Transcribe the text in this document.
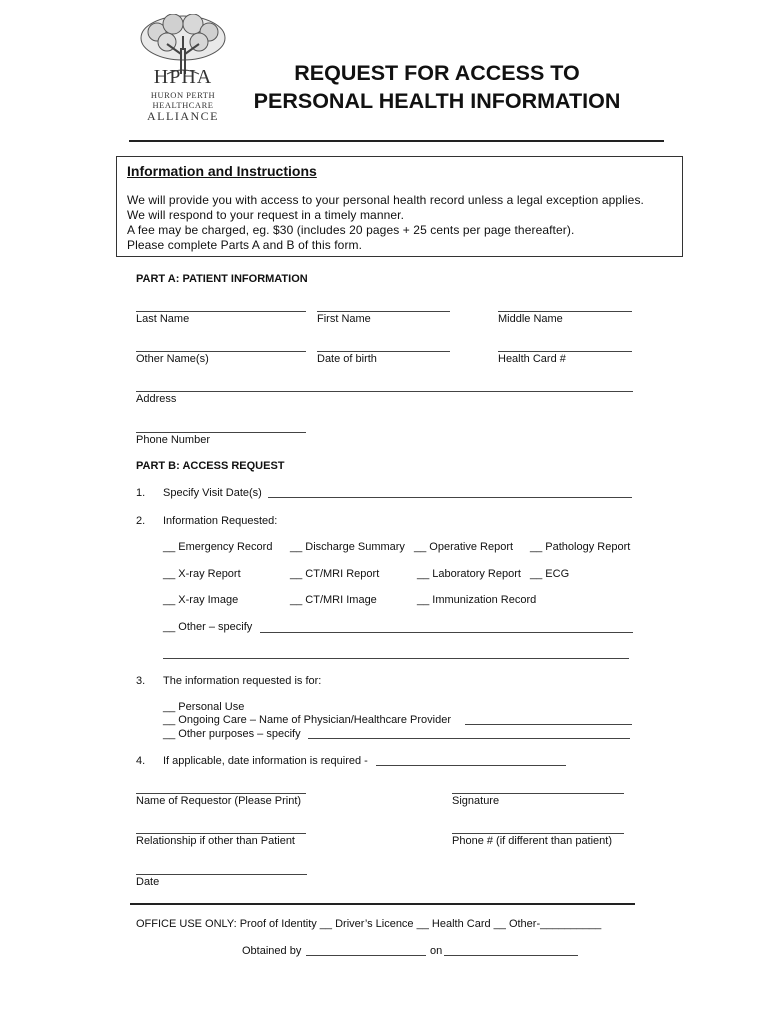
HPHA
HURON PERTH
HEALTHCARE
ALLIANCE
REQUEST FOR ACCESS TO
PERSONAL HEALTH INFORMATION
Information and Instructions
We will provide you with access to your personal health record unless a legal exception applies.
We will respond to your request in a timely manner.
A fee may be charged, eg. $30 (includes 20 pages + 25 cents per page thereafter).
Please complete Parts A and B of this form.
PART A: PATIENT INFORMATION
Last Name	First Name	Middle Name
Other Name(s)	Date of birth	Health Card #
Address
Phone Number
PART B: ACCESS REQUEST
1. Specify Visit Date(s)
2. Information Requested:
__ Emergency Record __ Discharge Summary __ Operative Report __ Pathology Report
__ X-ray Report	__ CT/MRI Report	__ Laboratory Report __ ECG
__ X-ray Image	__ CT/MRI Image	__ Immunization Record
__ Other – specify
3. The information requested is for:
__ Personal Use
__ Ongoing Care – Name of Physician/Healthcare Provider
__ Other purposes – specify
4. If applicable, date information is required -
Name of Requestor (Please Print)	Signature
Relationship if other than Patient	Phone # (if different than patient)
Date
OFFICE USE ONLY: Proof of Identity __ Driver’s Licence __ Health Card __ Other-__________
Obtained by	on
